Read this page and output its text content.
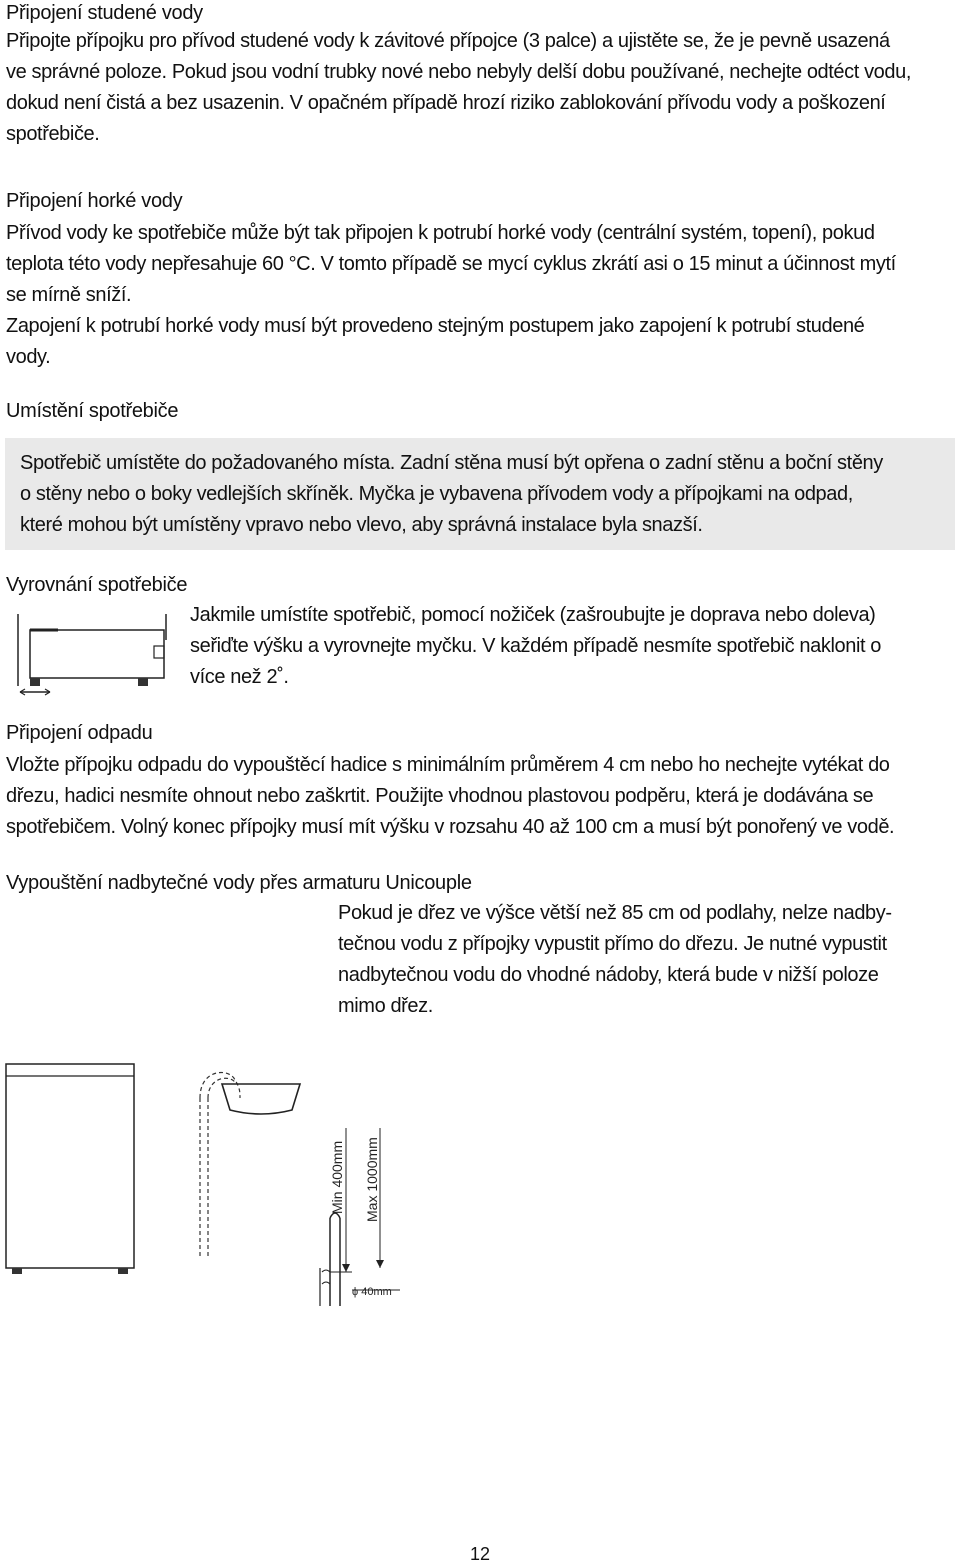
Připojení studené vody
Připojte přípojku pro přívod studené vody k závitové přípojce (3 palce) a ujistěte se, že je pevně usazená
ve správné poloze. Pokud jsou vodní trubky nové nebo nebyly delší dobu používané, nechejte odtéct vodu,
dokud není čistá a bez usazenin. V opačném případě hrozí riziko zablokování přívodu vody a poškození
spotřebiče.
Připojení horké vody
Přívod vody ke spotřebiče může být tak připojen k potrubí horké vody (centrální systém, topení), pokud
teplota této vody nepřesahuje 60 °C. V tomto případě se mycí cyklus zkrátí asi o 15 minut a účinnost mytí
se mírně sníží.
Zapojení k potrubí horké vody musí být provedeno stejným postupem jako zapojení k potrubí studené
vody.
Umístění spotřebiče
Spotřebič umístěte do požadovaného místa. Zadní stěna musí být opřena o zadní stěnu a boční stěny
o stěny nebo o boky vedlejších skříněk. Myčka je vybavena přívodem vody a přípojkami na odpad,
které mohou být umístěny vpravo nebo vlevo, aby správná instalace byla snazší.
Vyrovnání spotřebiče
Jakmile umístíte spotřebič, pomocí nožiček (zašroubujte je doprava nebo doleva)
seřiďte výšku a vyrovnejte myčku. V každém případě nesmíte spotřebič naklonit o
více než 2˚.
Připojení odpadu
Vložte přípojku odpadu do vypouštěcí hadice s minimálním průměrem 4 cm nebo ho nechejte vytékat do
dřezu, hadici nesmíte ohnout nebo zaškrtit. Použijte vhodnou plastovou podpěru, která je dodávána se
spotřebičem. Volný konec přípojky musí mít výšku v rozsahu 40 až 100 cm a musí být ponořený ve vodě.
Vypouštění nadbytečné vody přes armaturu Unicouple
Pokud je dřez ve výšce větší než 85 cm od podlahy, nelze nadby-
tečnou vodu z přípojky vypustit přímo do dřezu. Je nutné vypustit
nadbytečnou vodu do vhodné nádoby, která bude v nižší poloze
mimo dřez.
ϕ 40mm
Min 400mm Max 1000mm
12
